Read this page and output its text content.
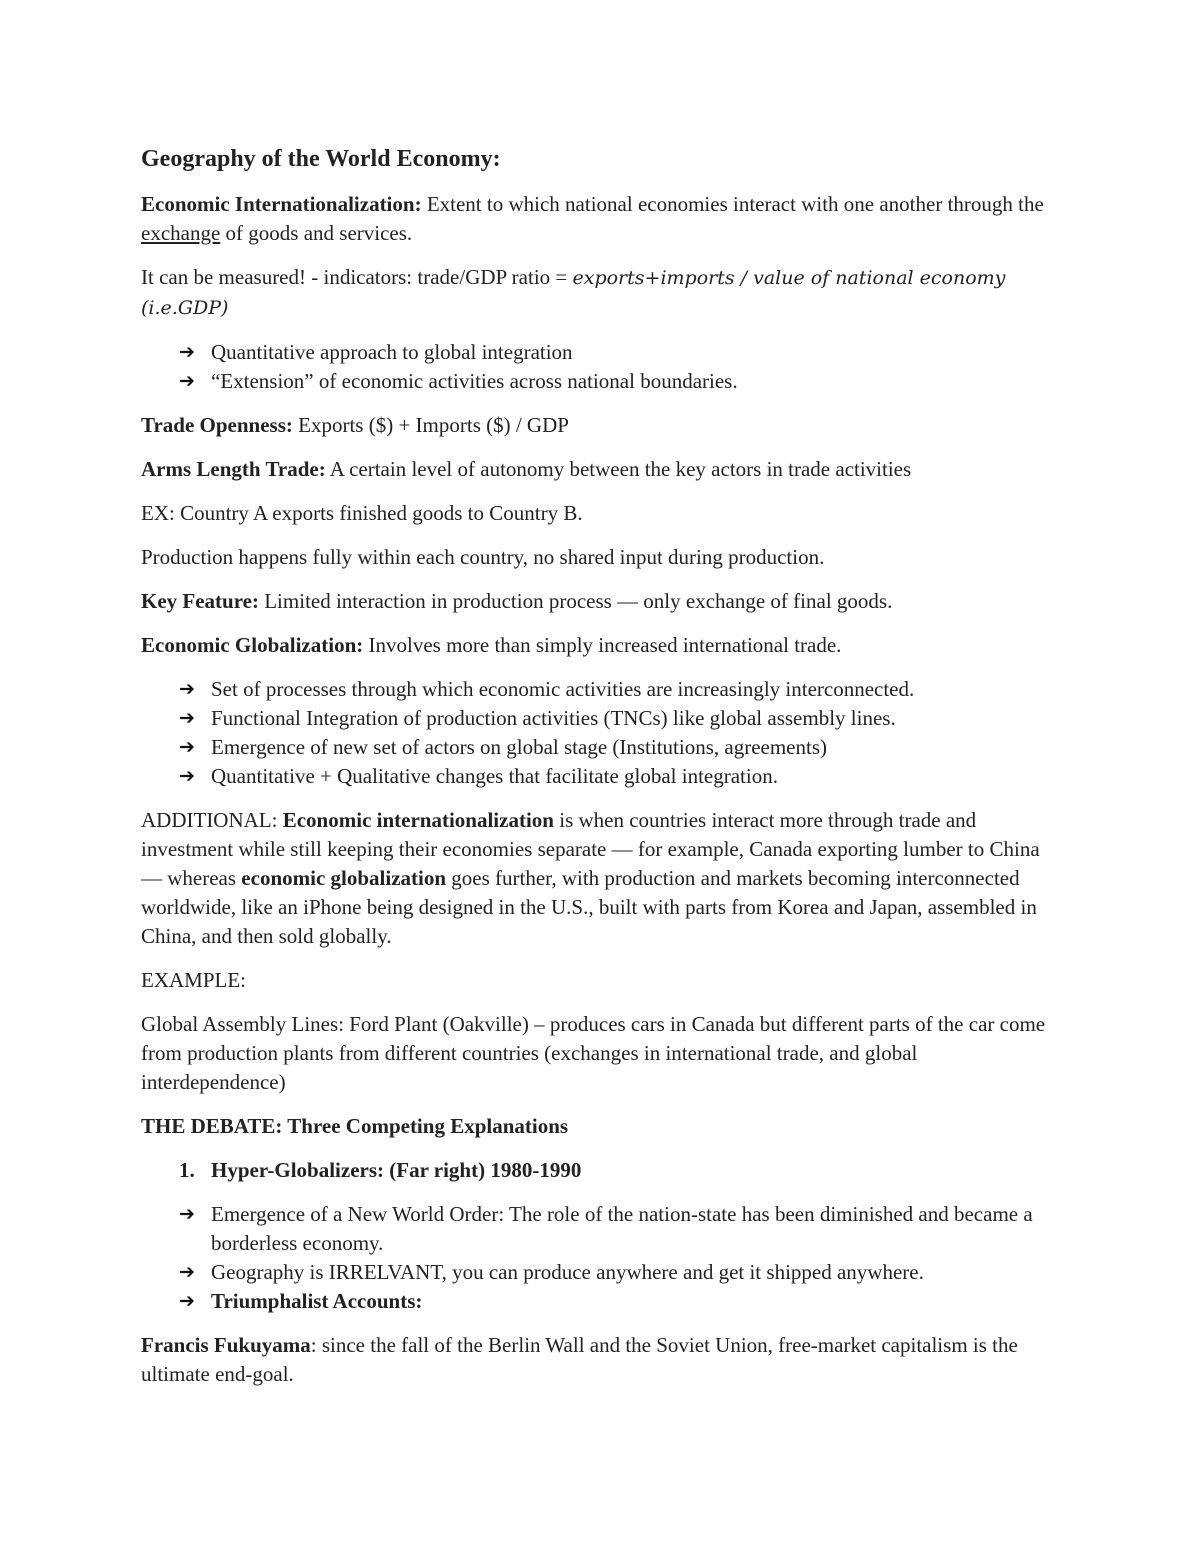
Geography of the World Economy:

Economic Internationalization: Extent to which national economies interact with one another through the exchange of goods and services.

It can be measured! - indicators: trade/GDP ratio = exports+imports / value of national economy
(i.e.GDP)

➔ Quantitative approach to global integration
➔ “Extension” of economic activities across national boundaries.

Trade Openness: Exports ($) + Imports ($) / GDP

Arms Length Trade: A certain level of autonomy between the key actors in trade activities

EX: Country A exports finished goods to Country B.

Production happens fully within each country, no shared input during production.

Key Feature: Limited interaction in production process — only exchange of final goods.

Economic Globalization: Involves more than simply increased international trade.

➔ Set of processes through which economic activities are increasingly interconnected.
➔ Functional Integration of production activities (TNCs) like global assembly lines.
➔ Emergence of new set of actors on global stage (Institutions, agreements)
➔ Quantitative + Qualitative changes that facilitate global integration.

ADDITIONAL: Economic internationalization is when countries interact more through trade and investment while still keeping their economies separate — for example, Canada exporting lumber to China — whereas economic globalization goes further, with production and markets becoming interconnected worldwide, like an iPhone being designed in the U.S., built with parts from Korea and Japan, assembled in China, and then sold globally.

EXAMPLE:

Global Assembly Lines: Ford Plant (Oakville) – produces cars in Canada but different parts of the car come from production plants from different countries (exchanges in international trade, and global interdependence)

THE DEBATE: Three Competing Explanations

1. Hyper-Globalizers: (Far right) 1980-1990
➔ Emergence of a New World Order: The role of the nation-state has been diminished and became a borderless economy.
➔ Geography is IRRELVANT, you can produce anywhere and get it shipped anywhere.
➔ Triumphalist Accounts:

Francis Fukuyama: since the fall of the Berlin Wall and the Soviet Union, free-market capitalism is the ultimate end-goal.
